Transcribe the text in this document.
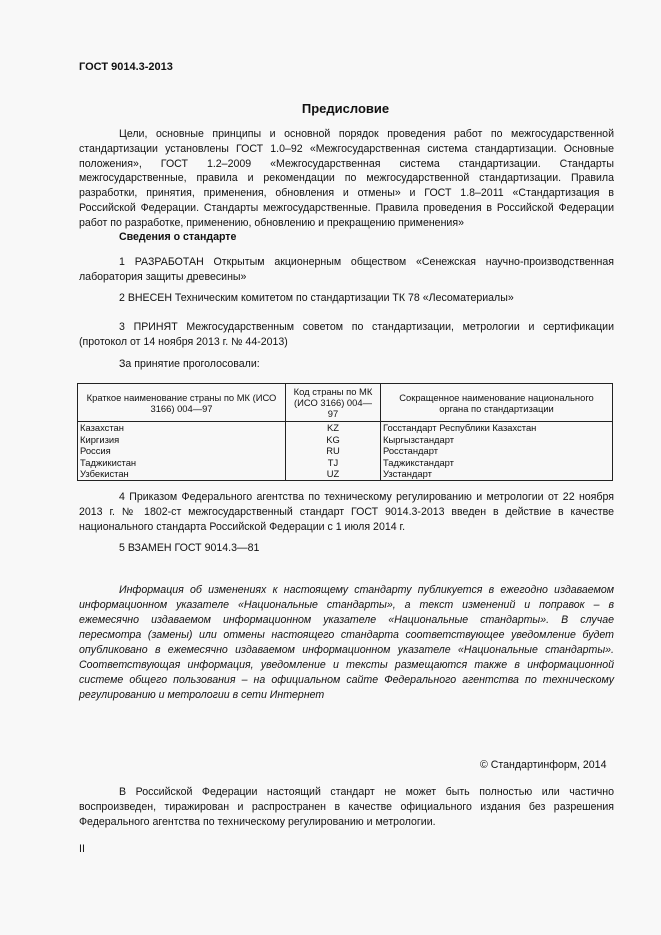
ГОСТ 9014.3-2013
Предисловие
Цели, основные принципы и основной порядок проведения работ по межгосударственной стандартизации установлены ГОСТ 1.0–92 «Межгосударственная система стандартизации. Основные положения», ГОСТ 1.2–2009 «Межгосударственная система стандартизации. Стандарты межгосударственные, правила и рекомендации по межгосударственной стандартизации. Правила разработки, принятия, применения, обновления и отмены» и ГОСТ 1.8–2011 «Стандартизация в Российской Федерации. Стандарты межгосударственные. Правила проведения в Российской Федерации работ по разработке, применению, обновлению и прекращению применения»
Сведения о стандарте
1 РАЗРАБОТАН Открытым акционерным обществом «Сенежская научно-производственная лаборатория защиты древесины»
2 ВНЕСЕН Техническим комитетом по стандартизации ТК 78 «Лесоматериалы»
3 ПРИНЯТ Межгосударственным советом по стандартизации, метрологии и сертификации (протокол от 14 ноября 2013 г. № 44-2013)
За принятие проголосовали:
Краткое наименование страны по МК (ИСО 3166) 004—97	Код страны по МК (ИСО 3166) 004—97	Сокращенное наименование национального органа по стандартизации
Казахстан	KZ	Госстандарт Республики Казахстан
Киргизия	KG	Кыргызстандарт
Россия	RU	Росстандарт
Таджикистан	TJ	Таджикстандарт
Узбекистан	UZ	Узстандарт
4 Приказом Федерального агентства по техническому регулированию и метрологии от 22 ноября 2013 г. № 1802-ст межгосударственный стандарт ГОСТ 9014.3-2013 введен в действие в качестве национального стандарта Российской Федерации с 1 июля 2014 г.
5 ВЗАМЕН ГОСТ 9014.3—81
Информация об изменениях к настоящему стандарту публикуется в ежегодно издаваемом информационном указателе «Национальные стандарты», а текст изменений и поправок – в ежемесячно издаваемом информационном указателе «Национальные стандарты». В случае пересмотра (замены) или отмены настоящего стандарта соответствующее уведомление будет опубликовано в ежемесячно издаваемом информационном указателе «Национальные стандарты». Соответствующая информация, уведомление и тексты размещаются также в информационной системе общего пользования – на официальном сайте Федерального агентства по техническому регулированию и метрологии в сети Интернет
© Стандартинформ, 2014
В Российской Федерации настоящий стандарт не может быть полностью или частично воспроизведен, тиражирован и распространен в качестве официального издания без разрешения Федерального агентства по техническому регулированию и метрологии.
II
